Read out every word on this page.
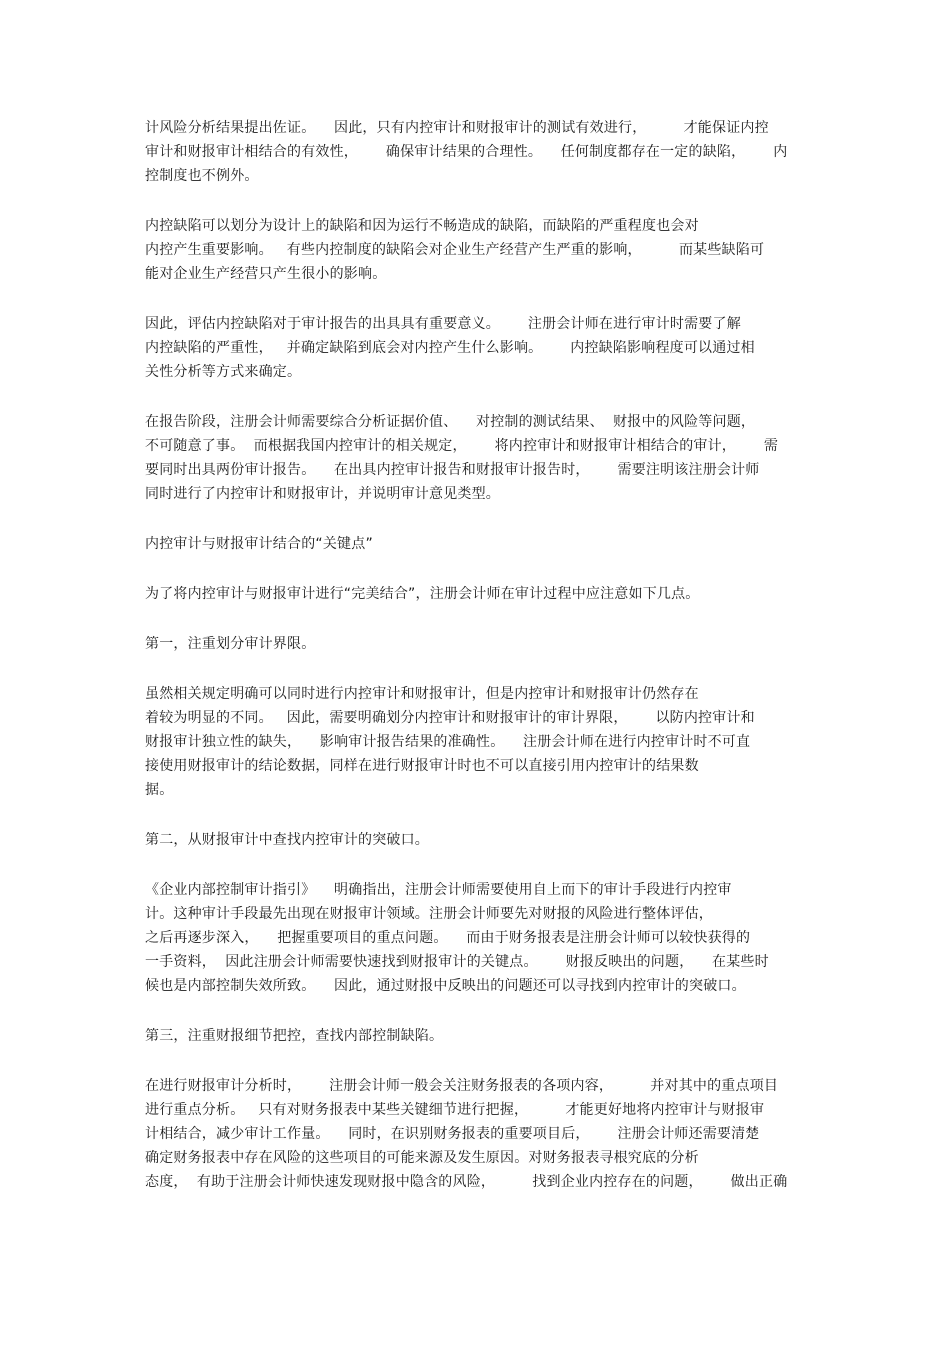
计风险分析结果提出佐证。    因此，只有内控审计和财报审计的测试有效进行，        才能保证内控
审计和财报审计相结合的有效性，      确保审计结果的合理性。    任何制度都存在一定的缺陷，      内
控制度也不例外。
内控缺陷可以划分为设计上的缺陷和因为运行不畅造成的缺陷，而缺陷的严重程度也会对
内控产生重要影响。   有些内控制度的缺陷会对企业生产经营产生严重的影响，        而某些缺陷可
能对企业生产经营只产生很小的影响。
因此，评估内控缺陷对于审计报告的出具具有重要意义。      注册会计师在进行审计时需要了解
内控缺陷的严重性，   并确定缺陷到底会对内控产生什么影响。      内控缺陷影响程度可以通过相
关性分析等方式来确定。
在报告阶段，注册会计师需要综合分析证据价值、    对控制的测试结果、  财报中的风险等问题，
不可随意了事。  而根据我国内控审计的相关规定，      将内控审计和财报审计相结合的审计，      需
要同时出具两份审计报告。    在出具内控审计报告和财报审计报告时，      需要注明该注册会计师
同时进行了内控审计和财报审计，并说明审计意见类型。
内控审计与财报审计结合的“关键点”
为了将内控审计与财报审计进行“完美结合”，注册会计师在审计过程中应注意如下几点。
第一，注重划分审计界限。
虽然相关规定明确可以同时进行内控审计和财报审计，但是内控审计和财报审计仍然存在
着较为明显的不同。   因此，需要明确划分内控审计和财报审计的审计界限，      以防内控审计和
财报审计独立性的缺失，    影响审计报告结果的准确性。    注册会计师在进行内控审计时不可直
接使用财报审计的结论数据，同样在进行财报审计时也不可以直接引用内控审计的结果数
据。
第二，从财报审计中查找内控审计的突破口。
《企业内部控制审计指引》    明确指出，注册会计师需要使用自上而下的审计手段进行内控审
计。这种审计手段最先出现在财报审计领域。注册会计师要先对财报的风险进行整体评估，
之后再逐步深入，    把握重要项目的重点问题。    而由于财务报表是注册会计师可以较快获得的
一手资料，  因此注册会计师需要快速找到财报审计的关键点。      财报反映出的问题，    在某些时
候也是内部控制失效所致。    因此，通过财报中反映出的问题还可以寻找到内控审计的突破口。
第三，注重财报细节把控，查找内部控制缺陷。
在进行财报审计分析时，      注册会计师一般会关注财务报表的各项内容，        并对其中的重点项目
进行重点分析。   只有对财务报表中某些关键细节进行把握，        才能更好地将内控审计与财报审
计相结合，减少审计工作量。    同时，在识别财务报表的重要项目后，      注册会计师还需要清楚
确定财务报表中存在风险的这些项目的可能来源及发生原因。对财务报表寻根究底的分析
态度，  有助于注册会计师快速发现财报中隐含的风险，        找到企业内控存在的问题，      做出正确
